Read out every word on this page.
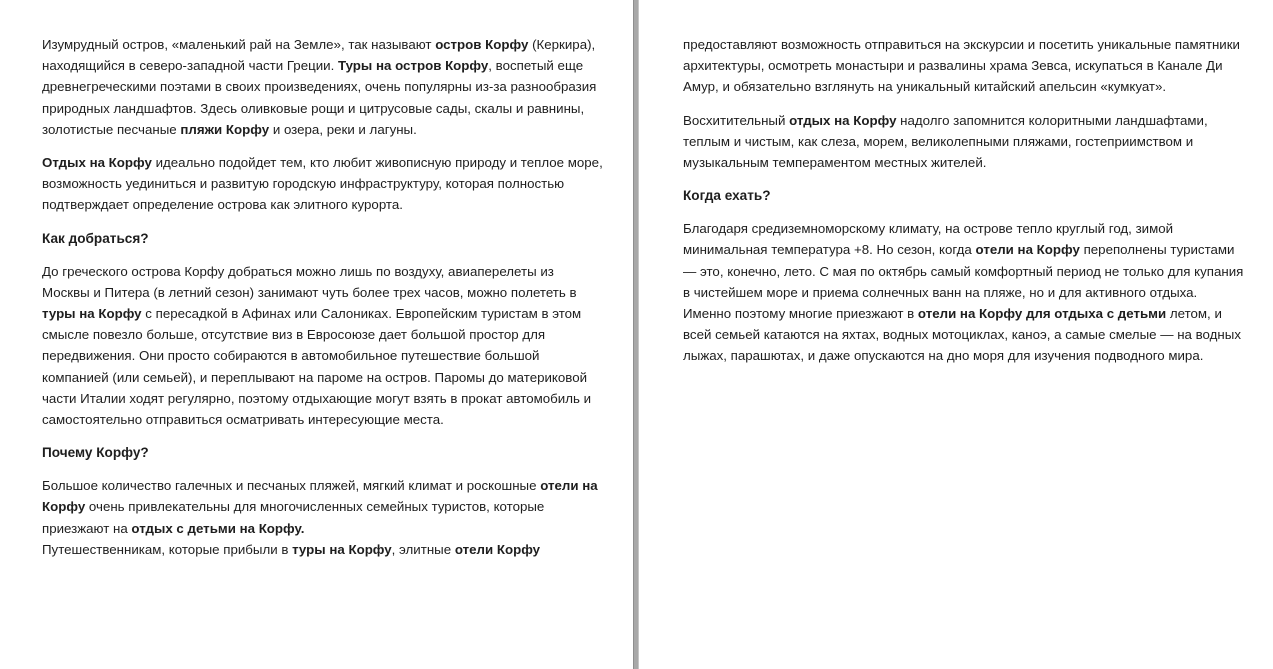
Изумрудный остров, «маленький рай на Земле», так называют остров Корфу (Керкира), находящийся в северо-западной части Греции. Туры на остров Корфу, воспетый еще древнегреческими поэтами в своих произведениях, очень популярны из-за разнообразия природных ландшафтов. Здесь оливковые рощи и цитрусовые сады, скалы и равнины, золотистые песчаные пляжи Корфу и озера, реки и лагуны.

Отдых на Корфу идеально подойдет тем, кто любит живописную природу и теплое море, возможность уединиться и развитую городскую инфраструктуру, которая полностью подтверждает определение острова как элитного курорта.

Как добраться?

До греческого острова Корфу добраться можно лишь по воздуху, авиаперелеты из Москвы и Питера (в летний сезон) занимают чуть более трех часов, можно полететь в туры на Корфу с пересадкой в Афинах или Салониках. Европейским туристам в этом смысле повезло больше, отсутствие виз в Евросоюзе дает большой простор для передвижения. Они просто собираются в автомобильное путешествие большой компанией (или семьей), и переплывают на пароме на остров. Паромы до материковой части Италии ходят регулярно, поэтому отдыхающие могут взять в прокат автомобиль и самостоятельно отправиться осматривать интересующие места.

Почему Корфу?

Большое количество галечных и песчаных пляжей, мягкий климат и роскошные отели на Корфу очень привлекательны для многочисленных семейных туристов, которые приезжают на отдых с детьми на Корфу.

Путешественникам, которые прибыли в туры на Корфу, элитные отели Корфу

предоставляют возможность отправиться на экскурсии и посетить уникальные памятники архитектуры, осмотреть монастыри и развалины храма Зевса, искупаться в Канале Ди Амур, и обязательно взглянуть на уникальный китайский апельсин «кумкуат».

Восхитительный отдых на Корфу надолго запомнится колоритными ландшафтами, теплым и чистым, как слеза, морем, великолепными пляжами, гостеприимством и музыкальным темпераментом местных жителей.

Когда ехать?

Благодаря средиземноморскому климату, на острове тепло круглый год, зимой минимальная температура +8. Но сезон, когда отели на Корфу переполнены туристами — это, конечно, лето. С мая по октябрь самый комфортный период не только для купания в чистейшем море и приема солнечных ванн на пляже, но и для активного отдыха. Именно поэтому многие приезжают в отели на Корфу для отдыха с детьми летом, и всей семьей катаются на яхтах, водных мотоциклах, каноэ, а самые смелые — на водных лыжах, парашютах, и даже опускаются на дно моря для изучения подводного мира.
